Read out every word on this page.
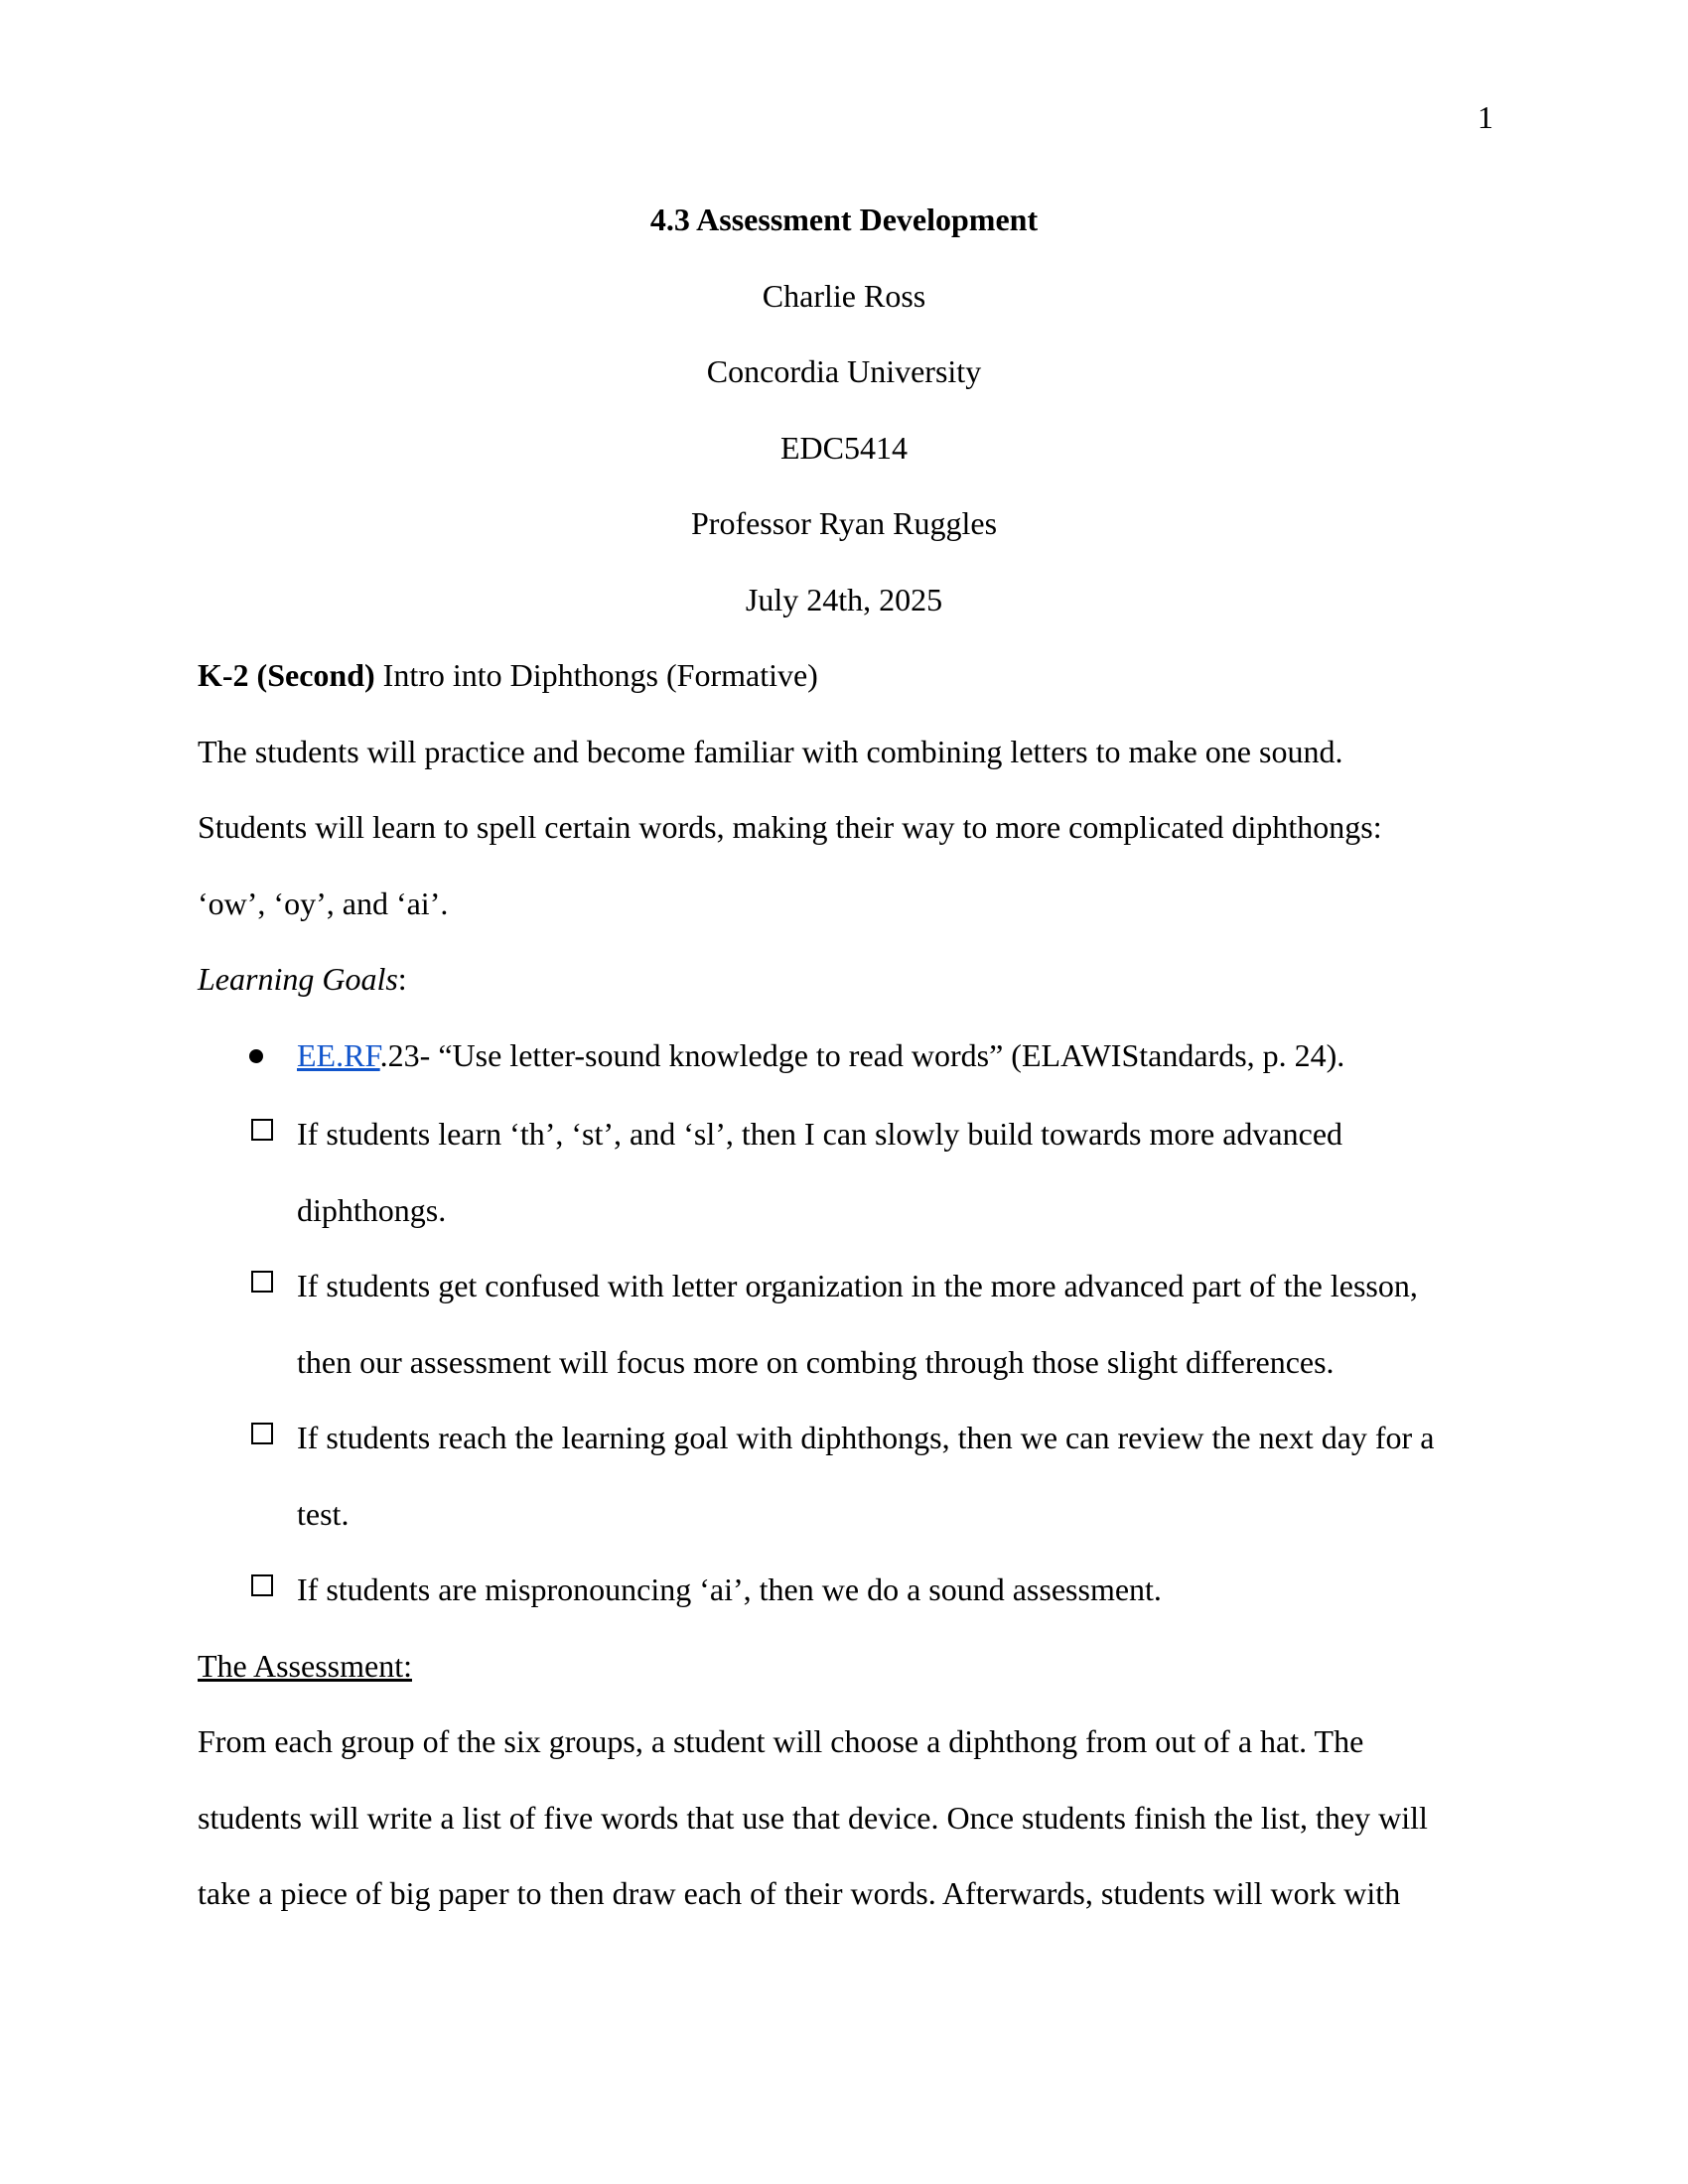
1
4.3 Assessment Development
Charlie Ross
Concordia University
EDC5414
Professor Ryan Ruggles
July 24th, 2025
K-2 (Second) Intro into Diphthongs (Formative)
The students will practice and become familiar with combining letters to make one sound.
Students will learn to spell certain words, making their way to more complicated diphthongs:
‘ow’, ‘oy’, and ‘ai’.
Learning Goals:
EE.RF.23- “Use letter-sound knowledge to read words” (ELAWIStandards, p. 24).
If students learn ‘th’, ‘st’, and ‘sl’, then I can slowly build towards more advanced
diphthongs.
If students get confused with letter organization in the more advanced part of the lesson,
then our assessment will focus more on combing through those slight differences.
If students reach the learning goal with diphthongs, then we can review the next day for a
test.
If students are mispronouncing ‘ai’, then we do a sound assessment.
The Assessment:
From each group of the six groups, a student will choose a diphthong from out of a hat. The
students will write a list of five words that use that device. Once students finish the list, they will
take a piece of big paper to then draw each of their words. Afterwards, students will work with
